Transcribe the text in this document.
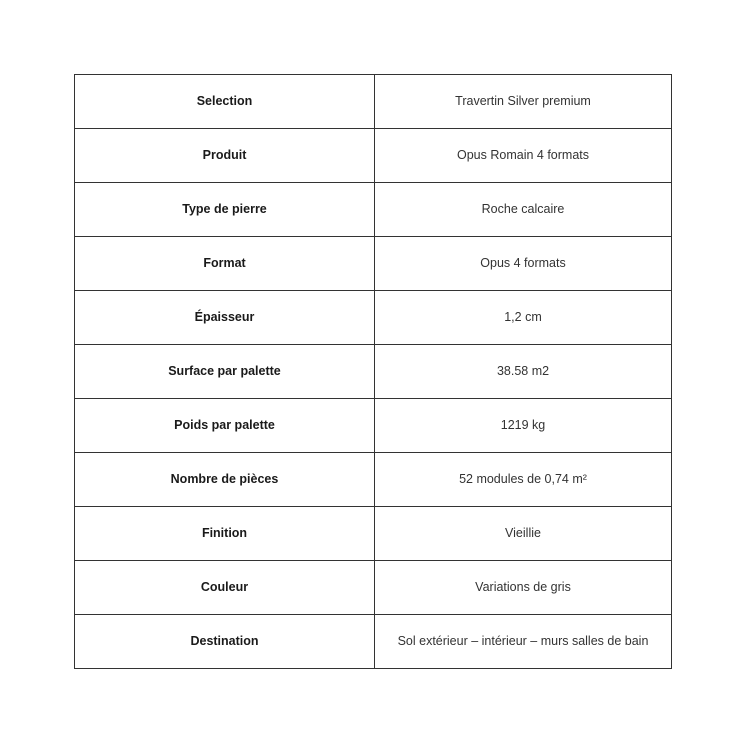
Selection	Travertin Silver premium
Produit	Opus Romain 4 formats
Type de pierre	Roche calcaire
Format	Opus 4 formats
Épaisseur	1,2 cm
Surface par palette	38.58 m2
Poids par palette	1219 kg
Nombre de pièces	52 modules de 0,74 m²
Finition	Vieillie
Couleur	Variations de gris
Destination	Sol extérieur – intérieur – murs salles de bain
